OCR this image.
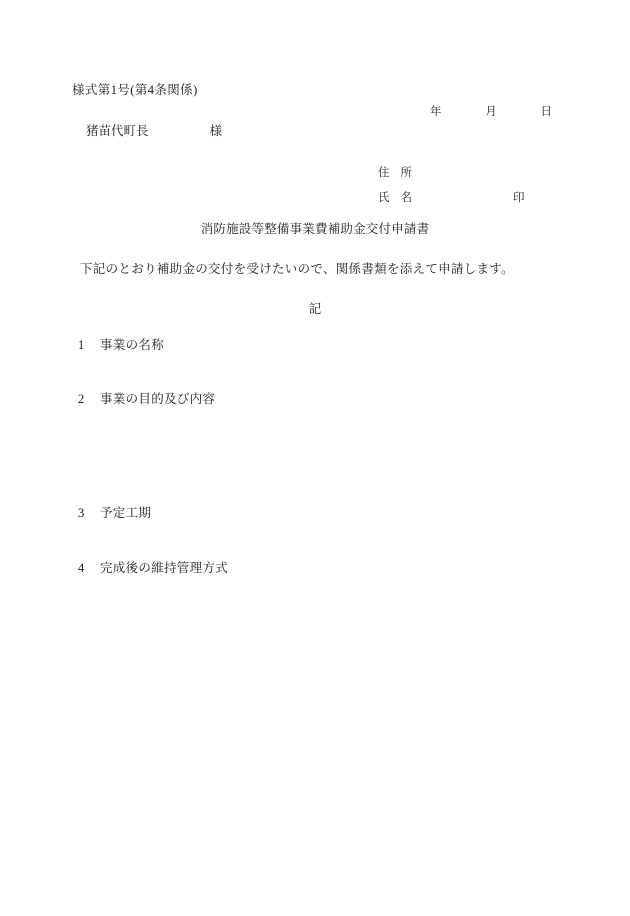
様式第1号(第4条関係)
年	月	日
猪苗代町長	様
住 所
氏 名	印
消防施設等整備事業費補助金交付申請書
下記のとおり補助金の交付を受けたいので、関係書類を添えて申請します。
記
1 事業の名称
2 事業の目的及び内容
3 予定工期
4 完成後の維持管理方式
